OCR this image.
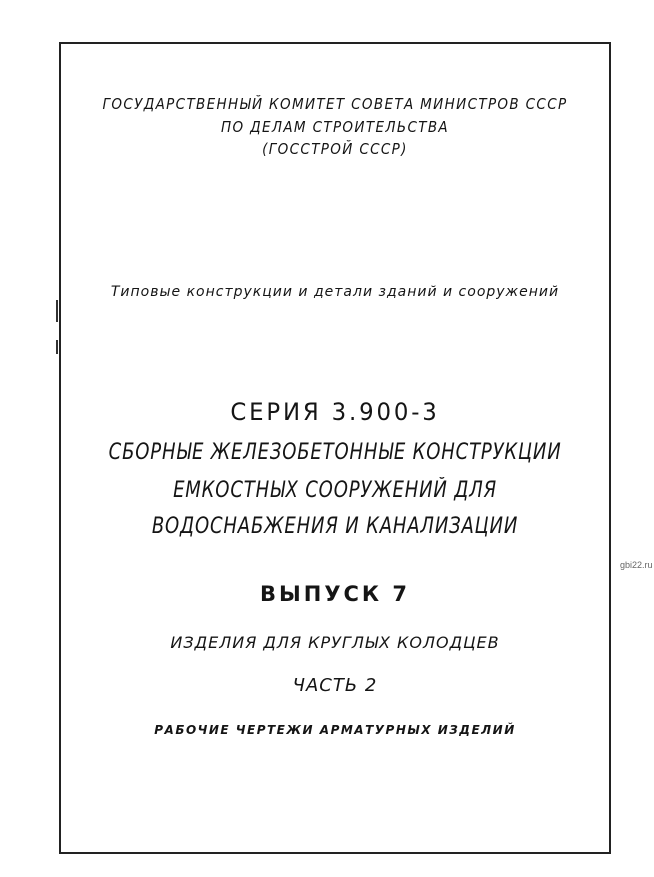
ГОСУДАРСТВЕННЫЙ КОМИТЕТ СОВЕТА МИНИСТРОВ СССР
ПО ДЕЛАМ СТРОИТЕЛЬСТВА
(ГОССТРОЙ СССР)
Типовые конструкции и детали зданий и сооружений
СЕРИЯ 3.900-3
СБОРНЫЕ ЖЕЛЕЗОБЕТОННЫЕ КОНСТРУКЦИИ
ЕМКОСТНЫХ СООРУЖЕНИЙ ДЛЯ
ВОДОСНАБЖЕНИЯ И КАНАЛИЗАЦИИ
ВЫПУСК 7
ИЗДЕЛИЯ ДЛЯ КРУГЛЫХ КОЛОДЦЕВ
ЧАСТЬ 2
РАБОЧИЕ ЧЕРТЕЖИ АРМАТУРНЫХ ИЗДЕЛИЙ
gbi22.ru
